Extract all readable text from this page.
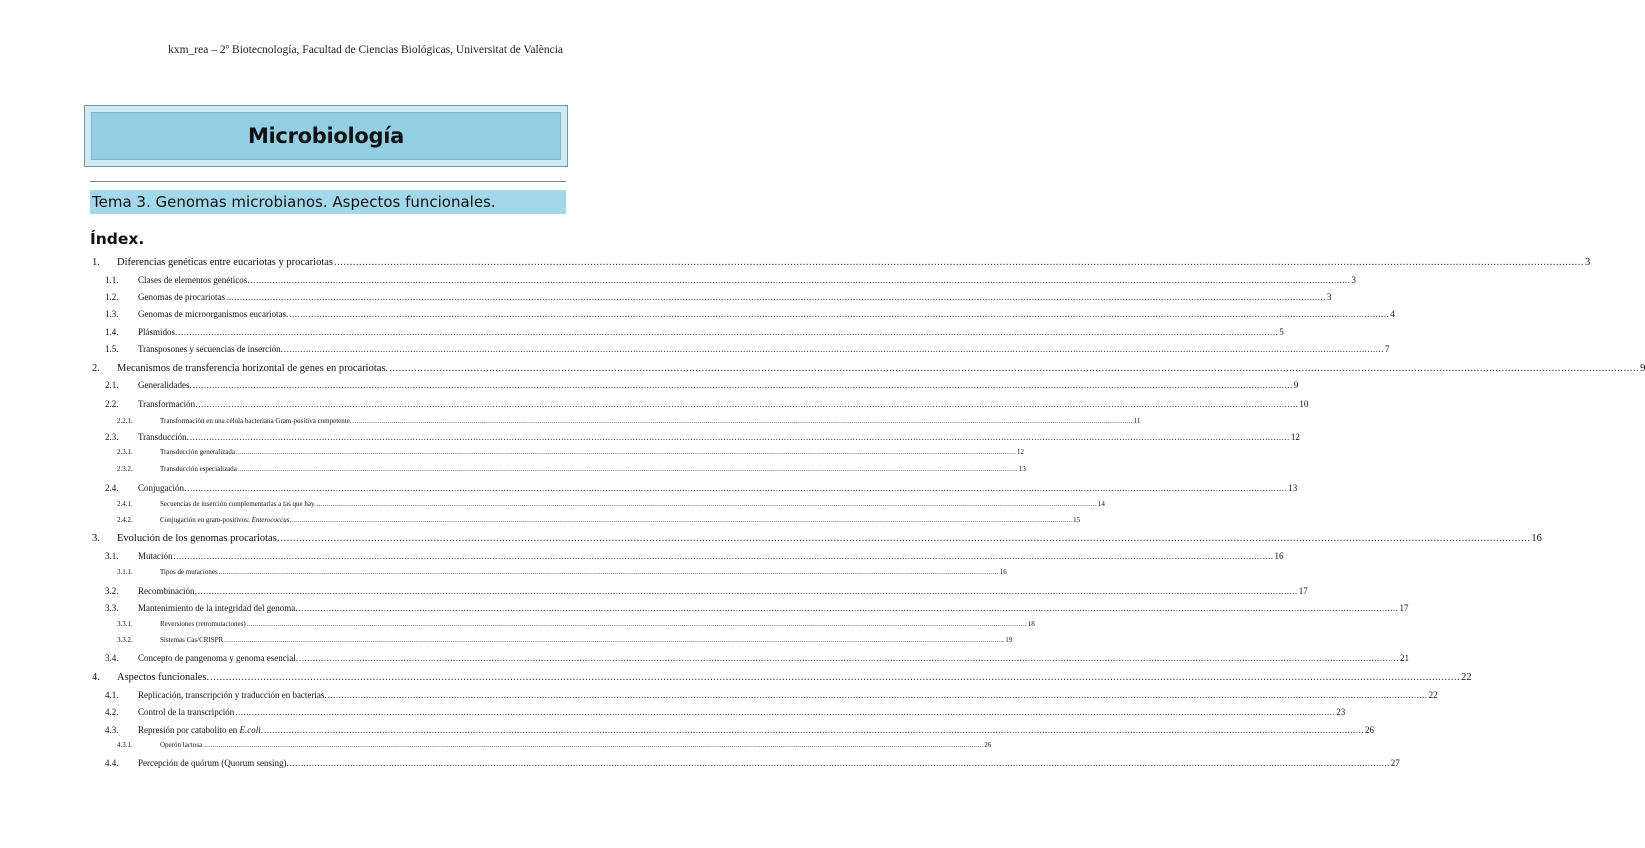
kxm_rea – 2º Biotecnología, Facultad de Ciencias Biológicas, Universitat de València
Microbiología
Tema 3. Genomas microbianos. Aspectos funcionales.
Índex.
1. Diferencias genéticas entre eucariotas y procariotas ................................................................................................................................................................................................................................................................................................................................................................................................................ 3
1.1. Clases de elementos genéticos. ................................................................................................................................................................................................................................................................................................................................................................................................................ 3
1.2. Genomas de procariotas ................................................................................................................................................................................................................................................................................................................................................................................................................ 3
1.3. Genomas de microorganismos eucariotas. ................................................................................................................................................................................................................................................................................................................................................................................................................ 4
1.4. Plásmidos. ................................................................................................................................................................................................................................................................................................................................................................................................................ 5
1.5. Transposones y secuencias de inserción. ................................................................................................................................................................................................................................................................................................................................................................................................................ 7
2. Mecanismos de transferencia horizontal de genes en procariotas. ................................................................................................................................................................................................................................................................................................................................................................................................................ 9
2.1. Generalidades. ................................................................................................................................................................................................................................................................................................................................................................................................................ 9
2.2. Transformación. ................................................................................................................................................................................................................................................................................................................................................................................................................ 10
2.2.1.	Transformación en una célula bacteriana Gram-positiva competente. ................................................................................................................................................................................................................................................................................................................................................................................................................ 11
2.3. Transducción. ................................................................................................................................................................................................................................................................................................................................................................................................................ 12
2.3.1.	Transducción generalizada ................................................................................................................................................................................................................................................................................................................................................................................................................ 12
2.3.2.	Transducción especializada ................................................................................................................................................................................................................................................................................................................................................................................................................ 13
2.4. Conjugación. ................................................................................................................................................................................................................................................................................................................................................................................................................ 13
2.4.1.	Secuencias de inserción complementarias a las que hay. ................................................................................................................................................................................................................................................................................................................................................................................................................ 14
2.4.2.	Conjugación en gram-positivos: Enterococcus. ................................................................................................................................................................................................................................................................................................................................................................................................................ 15
3. Evolución de los genomas procariotas. ................................................................................................................................................................................................................................................................................................................................................................................................................ 16
3.1. Mutación ................................................................................................................................................................................................................................................................................................................................................................................................................ 16
3.1.1.	Tipos de mutaciones ................................................................................................................................................................................................................................................................................................................................................................................................................ 16
3.2. Recombinación. ................................................................................................................................................................................................................................................................................................................................................................................................................ 17
3.3. Mantenimiento de la integridad del genoma. ................................................................................................................................................................................................................................................................................................................................................................................................................ 17
3.3.1.	Reversiones (retromutaciones) ................................................................................................................................................................................................................................................................................................................................................................................................................ 18
3.3.2.	Sistemas Cas/CRISPR ................................................................................................................................................................................................................................................................................................................................................................................................................ 19
3.4. Concepto de pangenoma y genoma esencial. ................................................................................................................................................................................................................................................................................................................................................................................................................ 21
4. Aspectos funcionales. ................................................................................................................................................................................................................................................................................................................................................................................................................ 22
4.1. Replicación, transcripción y traducción en bacterias. ................................................................................................................................................................................................................................................................................................................................................................................................................ 22
4.2. Control de la transcripción ................................................................................................................................................................................................................................................................................................................................................................................................................ 23
4.3. Represión por catabolito en E.coli. ................................................................................................................................................................................................................................................................................................................................................................................................................ 26
4.3.1.	Operón lactosa ................................................................................................................................................................................................................................................................................................................................................................................................................ 26
4.4. Percepción de quórum (Quorum sensing). ................................................................................................................................................................................................................................................................................................................................................................................................................ 27
